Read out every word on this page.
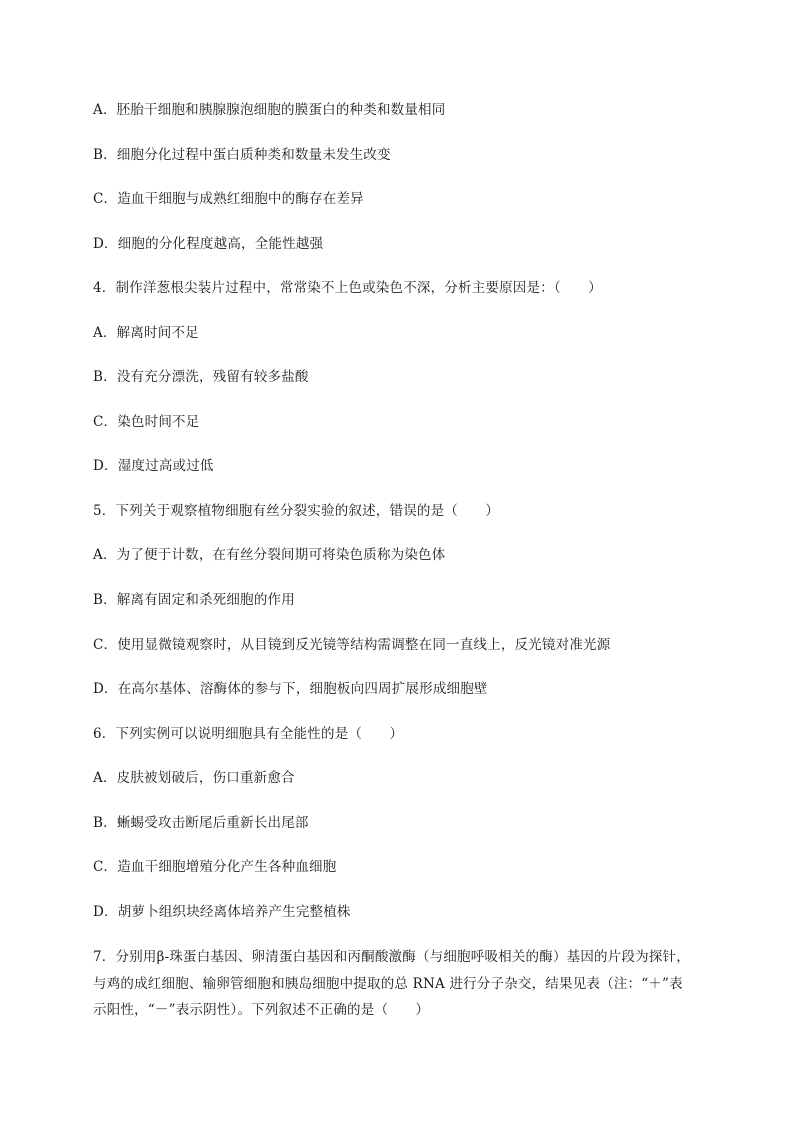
A．胚胎干细胞和胰腺腺泡细胞的膜蛋白的种类和数量相同
B．细胞分化过程中蛋白质种类和数量未发生改变
C．造血干细胞与成熟红细胞中的酶存在差异
D．细胞的分化程度越高，全能性越强
4．制作洋葱根尖装片过程中，常常染不上色或染色不深，分析主要原因是：（　　）
A．解离时间不足
B．没有充分漂洗，残留有较多盐酸
C．染色时间不足
D．湿度过高或过低
5．下列关于观察植物细胞有丝分裂实验的叙述，错误的是（　　）
A．为了便于计数，在有丝分裂间期可将染色质称为染色体
B．解离有固定和杀死细胞的作用
C．使用显微镜观察时，从目镜到反光镜等结构需调整在同一直线上，反光镜对准光源
D．在高尔基体、溶酶体的参与下，细胞板向四周扩展形成细胞壁
6．下列实例可以说明细胞具有全能性的是（　　）
A．皮肤被划破后，伤口重新愈合
B．蜥蜴受攻击断尾后重新长出尾部
C．造血干细胞增殖分化产生各种血细胞
D．胡萝卜组织块经离体培养产生完整植株
7．分别用β-珠蛋白基因、卵清蛋白基因和丙酮酸激酶（与细胞呼吸相关的酶）基因的片段为探针，
与鸡的成红细胞、输卵管细胞和胰岛细胞中提取的总 RNA 进行分子杂交，结果见表（注：“＋”表
示阳性，“－”表示阴性）。下列叙述不正确的是（　　）
